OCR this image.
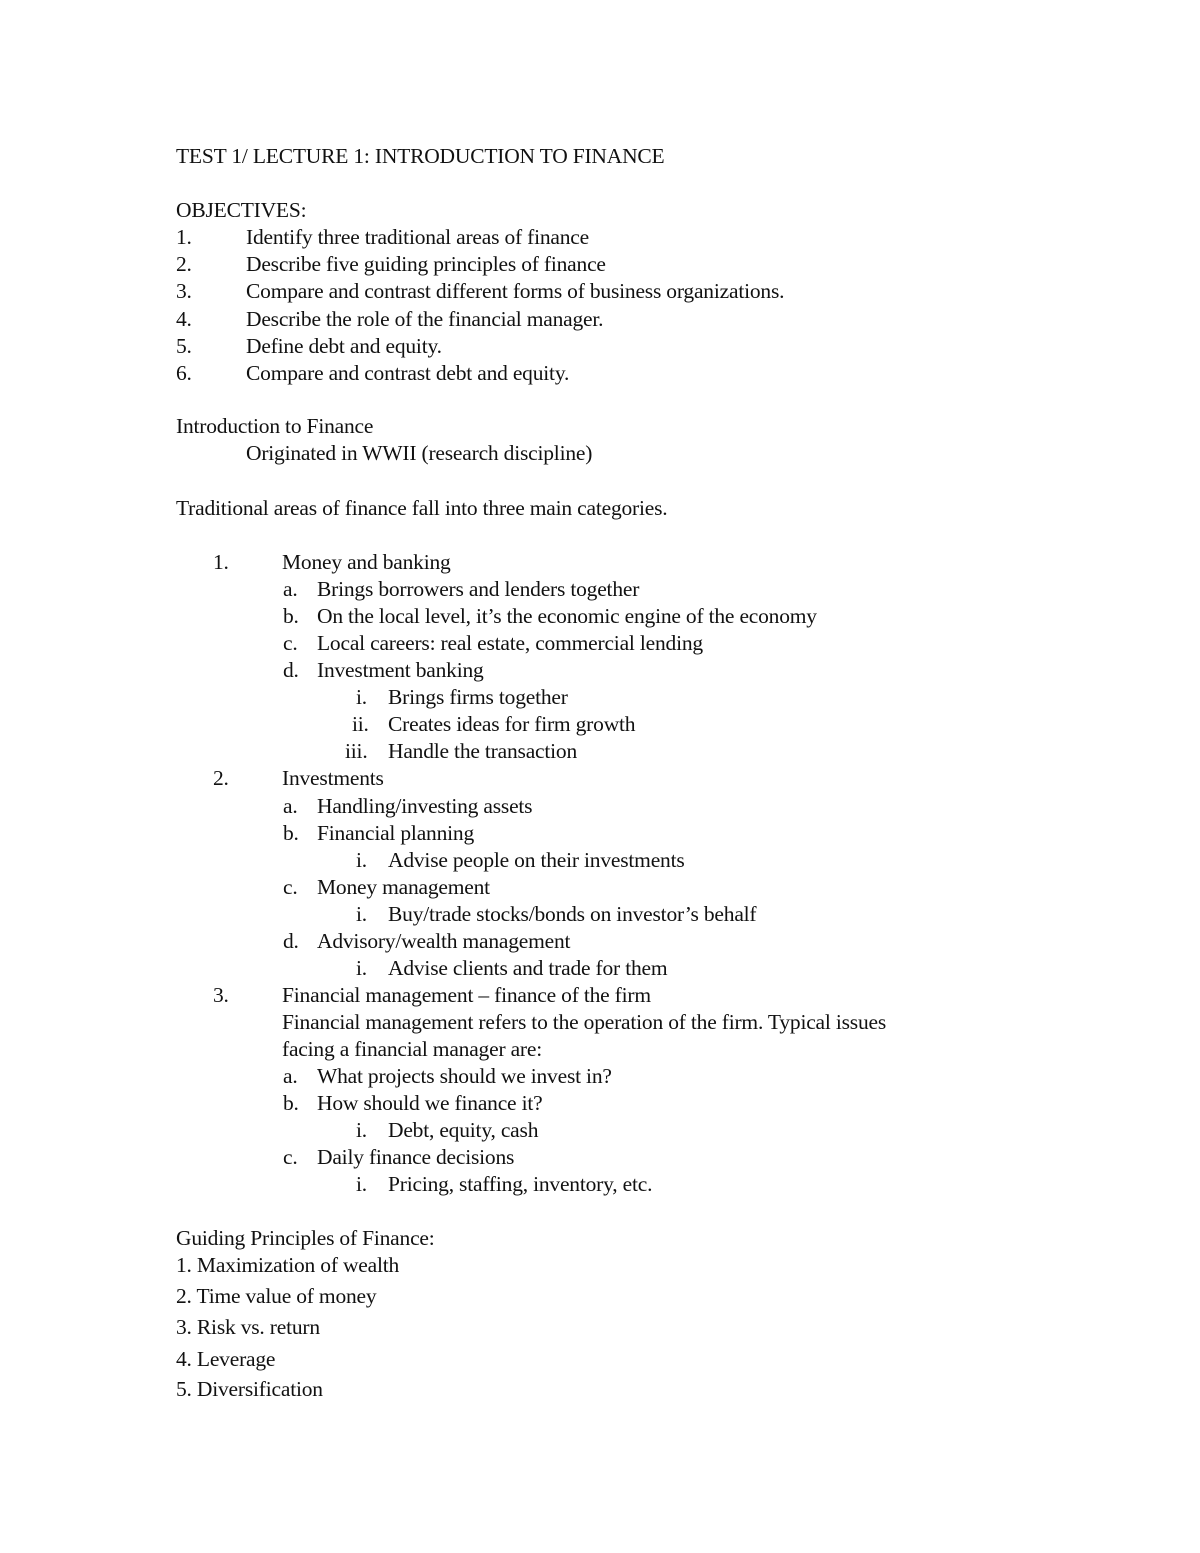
TEST 1/ LECTURE 1: INTRODUCTION TO FINANCE
OBJECTIVES:
1.	Identify three traditional areas of finance
2.	Describe five guiding principles of finance
3.	Compare and contrast different forms of business organizations.
4.	Describe the role of the financial manager.
5.	Define debt and equity.
6.	Compare and contrast debt and equity.
Introduction to Finance
Originated in WWII (research discipline)
Traditional areas of finance fall into three main categories.
1. Money and banking
a. Brings borrowers and lenders together
b. On the local level, it’s the economic engine of the economy
c. Local careers: real estate, commercial lending
d. Investment banking
i. Brings firms together
ii. Creates ideas for firm growth
iii. Handle the transaction
2. Investments
a. Handling/investing assets
b. Financial planning
i. Advise people on their investments
c. Money management
i. Buy/trade stocks/bonds on investor’s behalf
d. Advisory/wealth management
i. Advise clients and trade for them
3. Financial management – finance of the firm
Financial management refers to the operation of the firm. Typical issues
facing a financial manager are:
a. What projects should we invest in?
b. How should we finance it?
i. Debt, equity, cash
c. Daily finance decisions
i. Pricing, staffing, inventory, etc.
Guiding Principles of Finance:
1. Maximization of wealth
2. Time value of money
3. Risk vs. return
4. Leverage
5. Diversification
